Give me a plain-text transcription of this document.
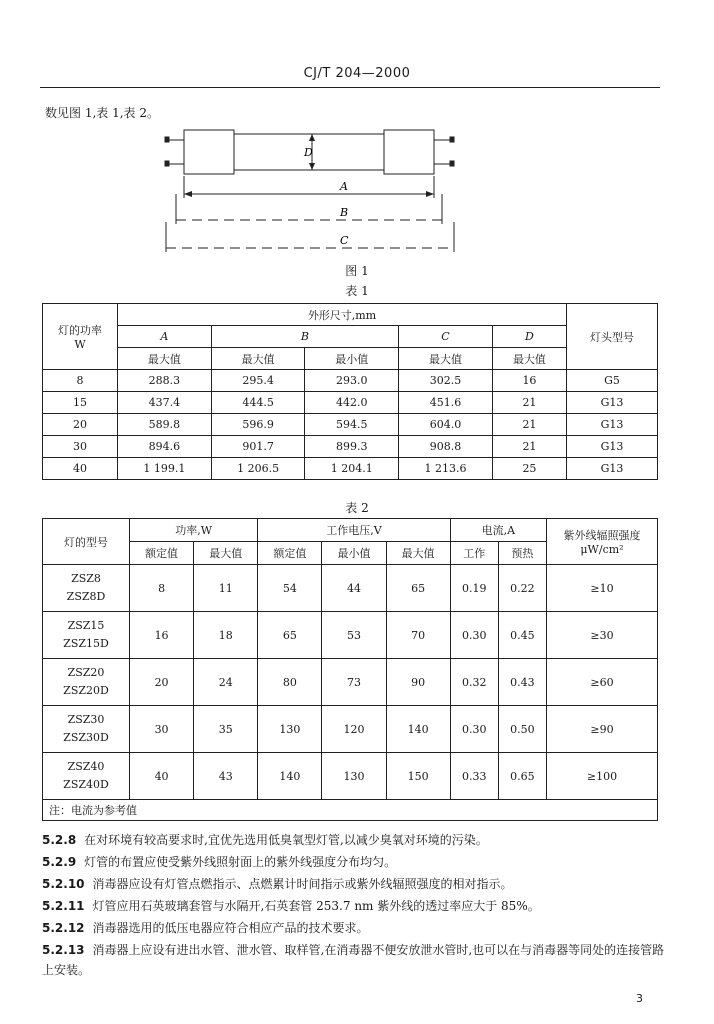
CJ/T 204—2000
数见图 1,表 1,表 2。
D
A
B
C
图 1
表 1
灯的功率
W	外形尺寸,mm					灯头型号
	A	B		C	D	
	最大值	最大值	最小值	最大值	最大值	
8	288.3	295.4	293.0	302.5	16	G5
15	437.4	444.5	442.0	451.6	21	G13
20	589.8	596.9	594.5	604.0	21	G13
30	894.6	901.7	899.3	908.8	21	G13
40	1 199.1	1 206.5	1 204.1	1 213.6	25	G13
表 2
灯的型号	功率,W		工作电压,V			电流,A		紫外线辐照强度
μW/cm²
	额定值	最大值	额定值	最小值	最大值	工作	预热	

ZSZ8
ZSZ8D	8	11	54	44	65	0.19	0.22	≥10

ZSZ15
ZSZ15D	16	18	65	53	70	0.30	0.45	≥30

ZSZ20
ZSZ20D	20	24	80	73	90	0.32	0.43	≥60

ZSZ30
ZSZ30D	30	35	130	120	140	0.30	0.50	≥90

ZSZ40
ZSZ40D	40	43	140	130	150	0.33	0.65	≥100
注：电流为参考值								
5.2.8 在对环境有较高要求时,宜优先选用低臭氧型灯管,以减少臭氧对环境的污染。
5.2.9 灯管的布置应使受紫外线照射面上的紫外线强度分布均匀。
5.2.10 消毒器应设有灯管点燃指示、点燃累计时间指示或紫外线辐照强度的相对指示。
5.2.11 灯管应用石英玻璃套管与水隔开,石英套管 253.7 nm 紫外线的透过率应大于 85%。
5.2.12 消毒器选用的低压电器应符合相应产品的技术要求。
5.2.13 消毒器上应设有进出水管、泄水管、取样管,在消毒器不便安放泄水管时,也可以在与消毒器等同处的连接管路上安装。
3
